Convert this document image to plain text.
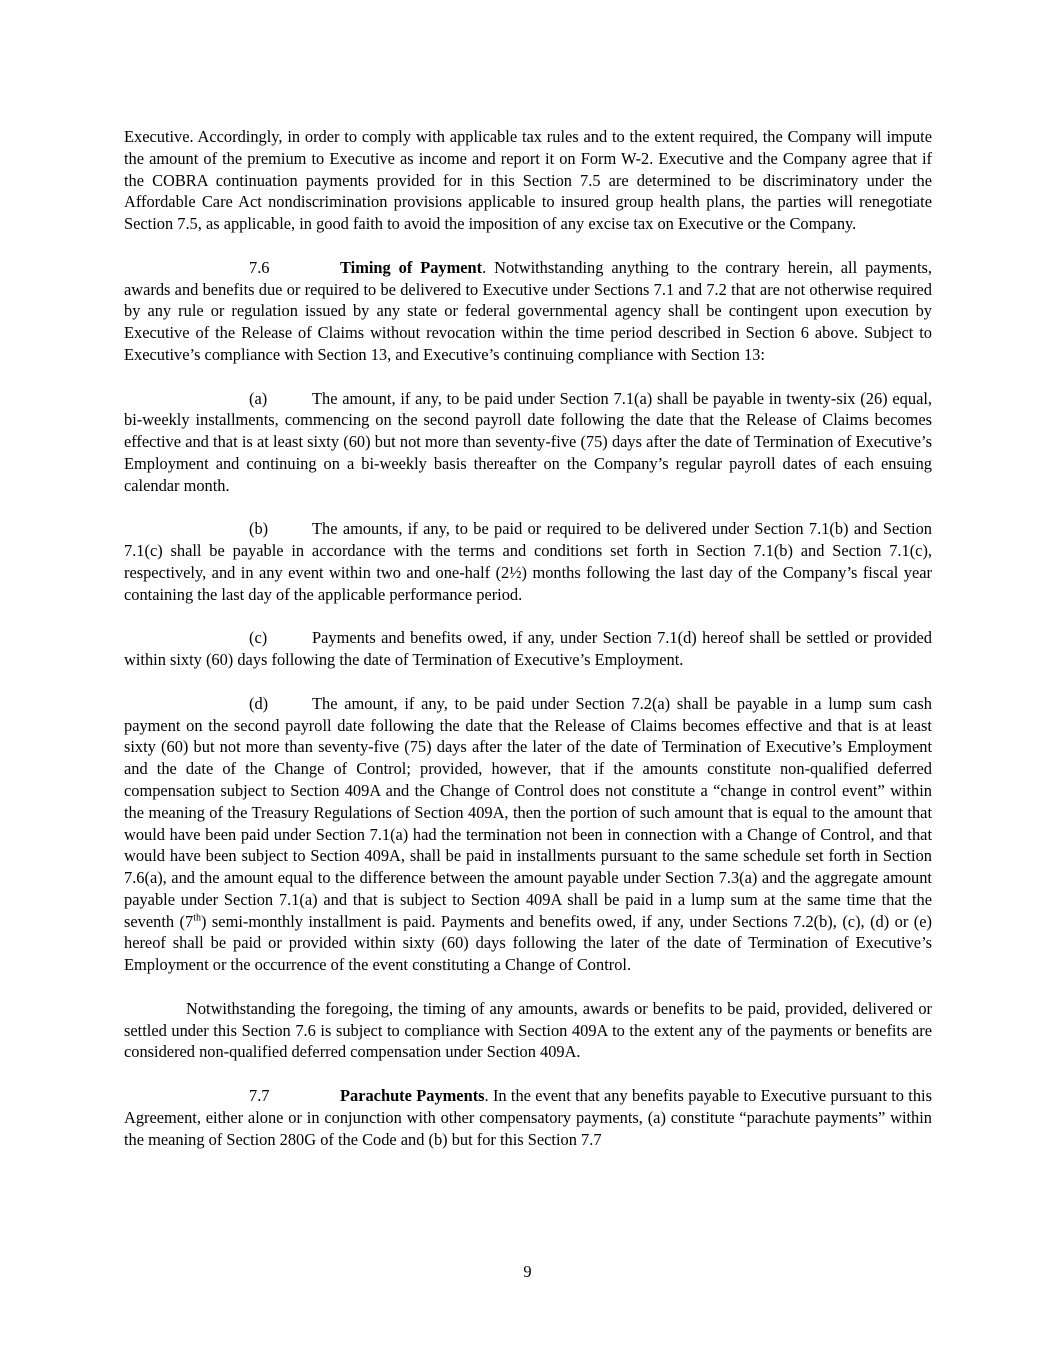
Executive. Accordingly, in order to comply with applicable tax rules and to the extent required, the Company will impute the amount of the premium to Executive as income and report it on Form W-2. Executive and the Company agree that if the COBRA continuation payments provided for in this Section 7.5 are determined to be discriminatory under the Affordable Care Act nondiscrimination provisions applicable to insured group health plans, the parties will renegotiate Section 7.5, as applicable, in good faith to avoid the imposition of any excise tax on Executive or the Company.

7.6	Timing of Payment. Notwithstanding anything to the contrary herein, all payments, awards and benefits due or required to be delivered to Executive under Sections 7.1 and 7.2 that are not otherwise required by any rule or regulation issued by any state or federal governmental agency shall be contingent upon execution by Executive of the Release of Claims without revocation within the time period described in Section 6 above. Subject to Executive’s compliance with Section 13, and Executive’s continuing compliance with Section 13:

(a)	The amount, if any, to be paid under Section 7.1(a) shall be payable in twenty-six (26) equal, bi-weekly installments, commencing on the second payroll date following the date that the Release of Claims becomes effective and that is at least sixty (60) but not more than seventy-five (75) days after the date of Termination of Executive’s Employment and continuing on a bi-weekly basis thereafter on the Company’s regular payroll dates of each ensuing calendar month.

(b)	The amounts, if any, to be paid or required to be delivered under Section 7.1(b) and Section 7.1(c) shall be payable in accordance with the terms and conditions set forth in Section 7.1(b) and Section 7.1(c), respectively, and in any event within two and one-half (2½) months following the last day of the Company’s fiscal year containing the last day of the applicable performance period.

(c)	Payments and benefits owed, if any, under Section 7.1(d) hereof shall be settled or provided within sixty (60) days following the date of Termination of Executive’s Employment.

(d)	The amount, if any, to be paid under Section 7.2(a) shall be payable in a lump sum cash payment on the second payroll date following the date that the Release of Claims becomes effective and that is at least sixty (60) but not more than seventy-five (75) days after the later of the date of Termination of Executive’s Employment and the date of the Change of Control; provided, however, that if the amounts constitute non-qualified deferred compensation subject to Section 409A and the Change of Control does not constitute a “change in control event” within the meaning of the Treasury Regulations of Section 409A, then the portion of such amount that is equal to the amount that would have been paid under Section 7.1(a) had the termination not been in connection with a Change of Control, and that would have been subject to Section 409A, shall be paid in installments pursuant to the same schedule set forth in Section 7.6(a), and the amount equal to the difference between the amount payable under Section 7.3(a) and the aggregate amount payable under Section 7.1(a) and that is subject to Section 409A shall be paid in a lump sum at the same time that the seventh (7th) semi-monthly installment is paid. Payments and benefits owed, if any, under Sections 7.2(b), (c), (d) or (e) hereof shall be paid or provided within sixty (60) days following the later of the date of Termination of Executive’s Employment or the occurrence of the event constituting a Change of Control.

Notwithstanding the foregoing, the timing of any amounts, awards or benefits to be paid, provided, delivered or settled under this Section 7.6 is subject to compliance with Section 409A to the extent any of the payments or benefits are considered non-qualified deferred compensation under Section 409A.

7.7	Parachute Payments. In the event that any benefits payable to Executive pursuant to this Agreement, either alone or in conjunction with other compensatory payments, (a) constitute “parachute payments” within the meaning of Section 280G of the Code and (b) but for this Section 7.7

9
